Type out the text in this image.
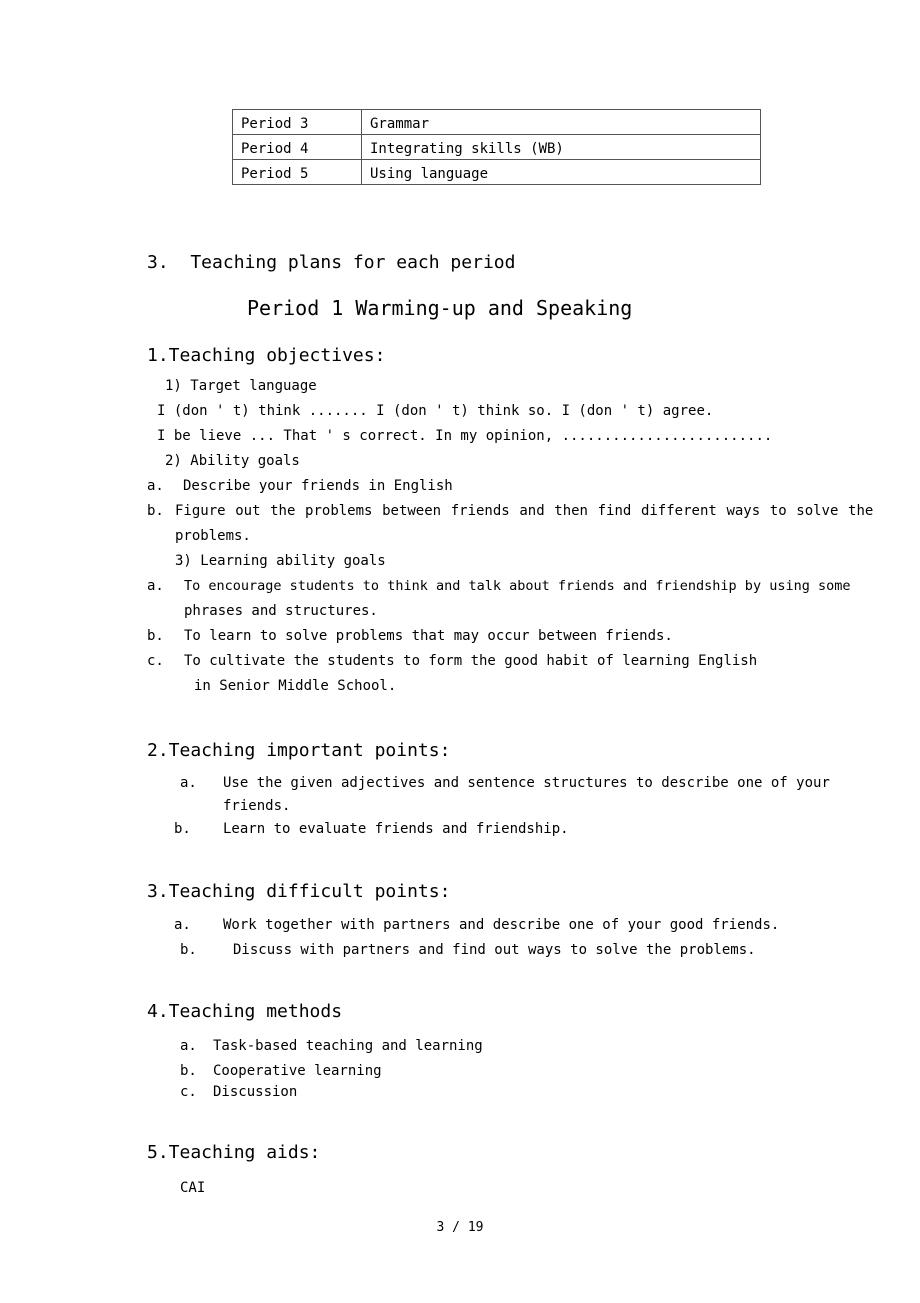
Period 3	Grammar
Period 4	Integrating skills (WB)
Period 5	Using language
3.  Teaching plans for each period
Period 1 Warming-up and Speaking
1.Teaching objectives:
1) Target language
I (don ' t) think ....... I (don ' t) think so. I (don ' t) agree.
I be lieve ... That ' s correct. In my opinion, .........................
2) Ability goals
a. Describe your friends in English
b. Figure out the problems between friends and then find different ways to solve the
problems.
3) Learning ability goals
a. To encourage students to think and talk about friends and friendship by using some
phrases and structures.
b. To learn to solve problems that may occur between friends.
c. To cultivate the students to form the good habit of learning English
in Senior Middle School.
2.Teaching important points:
a. Use the given adjectives and sentence structures to describe one of your
friends.
b. Learn to evaluate friends and friendship.
3.Teaching difficult points:
a. Work together with partners and describe one of your good friends.
b.	Discuss with partners and find out ways to solve the problems.
4.Teaching methods
a. Task-based teaching and learning
b. Cooperative learning
c. Discussion
5.Teaching aids:
CAI
3 / 19
